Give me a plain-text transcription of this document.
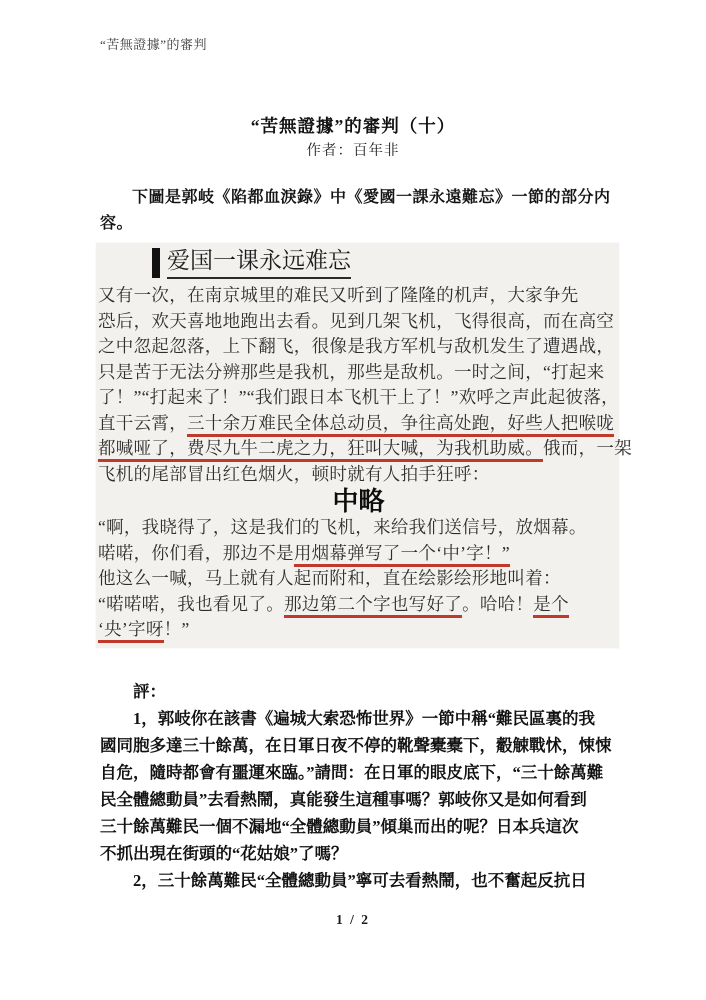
“苦無證據”的審判
“苦無證據”的審判（十）
作者：百年非
下圖是郭岐《陷都血淚錄》中《愛國一課永遠難忘》一節的部分内
容。
爱国一课永远难忘
又有一次，在南京城里的难民又听到了隆隆的机声，大家争先
恐后，欢天喜地地跑出去看。见到几架飞机，飞得很高，而在高空
之中忽起忽落，上下翻飞，很像是我方军机与敌机发生了遭遇战，
只是苦于无法分辨那些是我机，那些是敌机。一时之间，“打起来
了！”“打起来了！”“我们跟日本飞机干上了！”欢呼之声此起彼落，
直干云霄，三十余万难民全体总动员，争往高处跑，好些人把喉咙
都喊哑了，费尽九牛二虎之力，狂叫大喊，为我机助威。俄而，一架
飞机的尾部冒出红色烟火，顿时就有人拍手狂呼：
中略
“啊，我晓得了，这是我们的飞机，来给我们送信号，放烟幕。
喏喏，你们看，那边不是用烟幕弹写了一个‘中’字！”
他这么一喊，马上就有人起而附和，直在绘影绘形地叫着：
“喏喏喏，我也看见了。那边第二个字也写好了。哈哈！是个
‘央’字呀！”
評：
1，郭岐你在該書《遍城大索恐怖世界》一節中稱“難民區裏的我
國同胞多達三十餘萬，在日軍日夜不停的靴聲橐橐下，觳觫戰怵，悚悚
自危，隨時都會有噩運來臨。”請問：在日軍的眼皮底下，“三十餘萬難
民全體總動員”去看熱鬧，真能發生這種事嗎？郭岐你又是如何看到
三十餘萬難民一個不漏地“全體總動員”傾巢而出的呢？日本兵這次
不抓出現在街頭的“花姑娘”了嗎？
2，三十餘萬難民“全體總動員”寧可去看熱鬧，也不奮起反抗日
1 / 2
